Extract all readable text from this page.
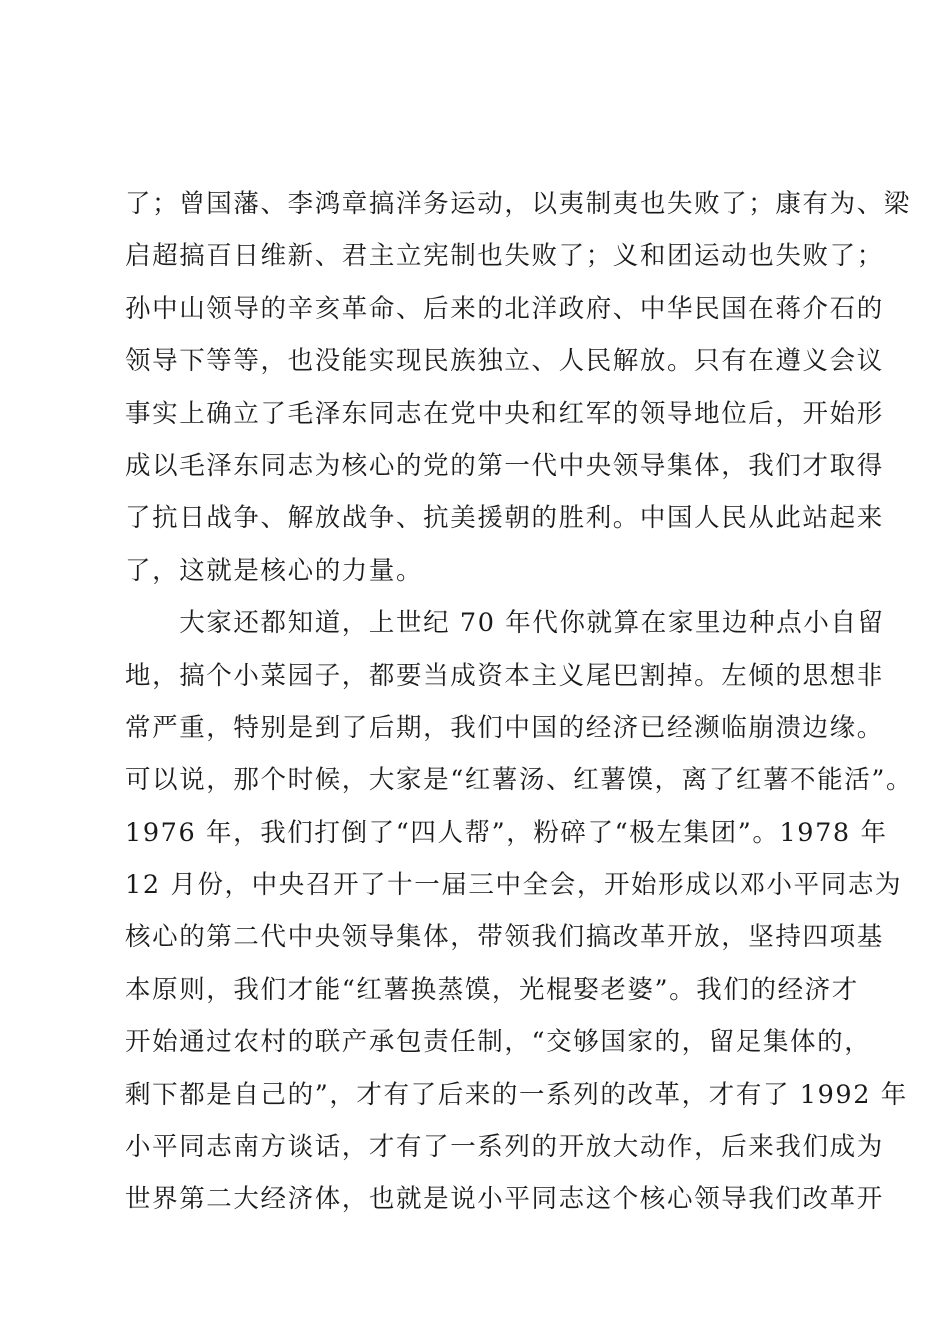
了；曾国藩、李鸿章搞洋务运动，以夷制夷也失败了；康有为、梁
启超搞百日维新、君主立宪制也失败了；义和团运动也失败了；
孙中山领导的辛亥革命、后来的北洋政府、中华民国在蒋介石的
领导下等等，也没能实现民族独立、人民解放。只有在遵义会议
事实上确立了毛泽东同志在党中央和红军的领导地位后，开始形
成以毛泽东同志为核心的党的第一代中央领导集体，我们才取得
了抗日战争、解放战争、抗美援朝的胜利。中国人民从此站起来
了，这就是核心的力量。
　　大家还都知道，上世纪 70 年代你就算在家里边种点小自留
地，搞个小菜园子，都要当成资本主义尾巴割掉。左倾的思想非
常严重，特别是到了后期，我们中国的经济已经濒临崩溃边缘。
可以说，那个时候，大家是“红薯汤、红薯馍，离了红薯不能活”。
1976 年，我们打倒了“四人帮”，粉碎了“极左集团”。1978 年
12 月份，中央召开了十一届三中全会，开始形成以邓小平同志为
核心的第二代中央领导集体，带领我们搞改革开放，坚持四项基
本原则，我们才能“红薯换蒸馍，光棍娶老婆”。我们的经济才
开始通过农村的联产承包责任制，“交够国家的，留足集体的，
剩下都是自己的”，才有了后来的一系列的改革，才有了 1992 年
小平同志南方谈话，才有了一系列的开放大动作，后来我们成为
世界第二大经济体，也就是说小平同志这个核心领导我们改革开
